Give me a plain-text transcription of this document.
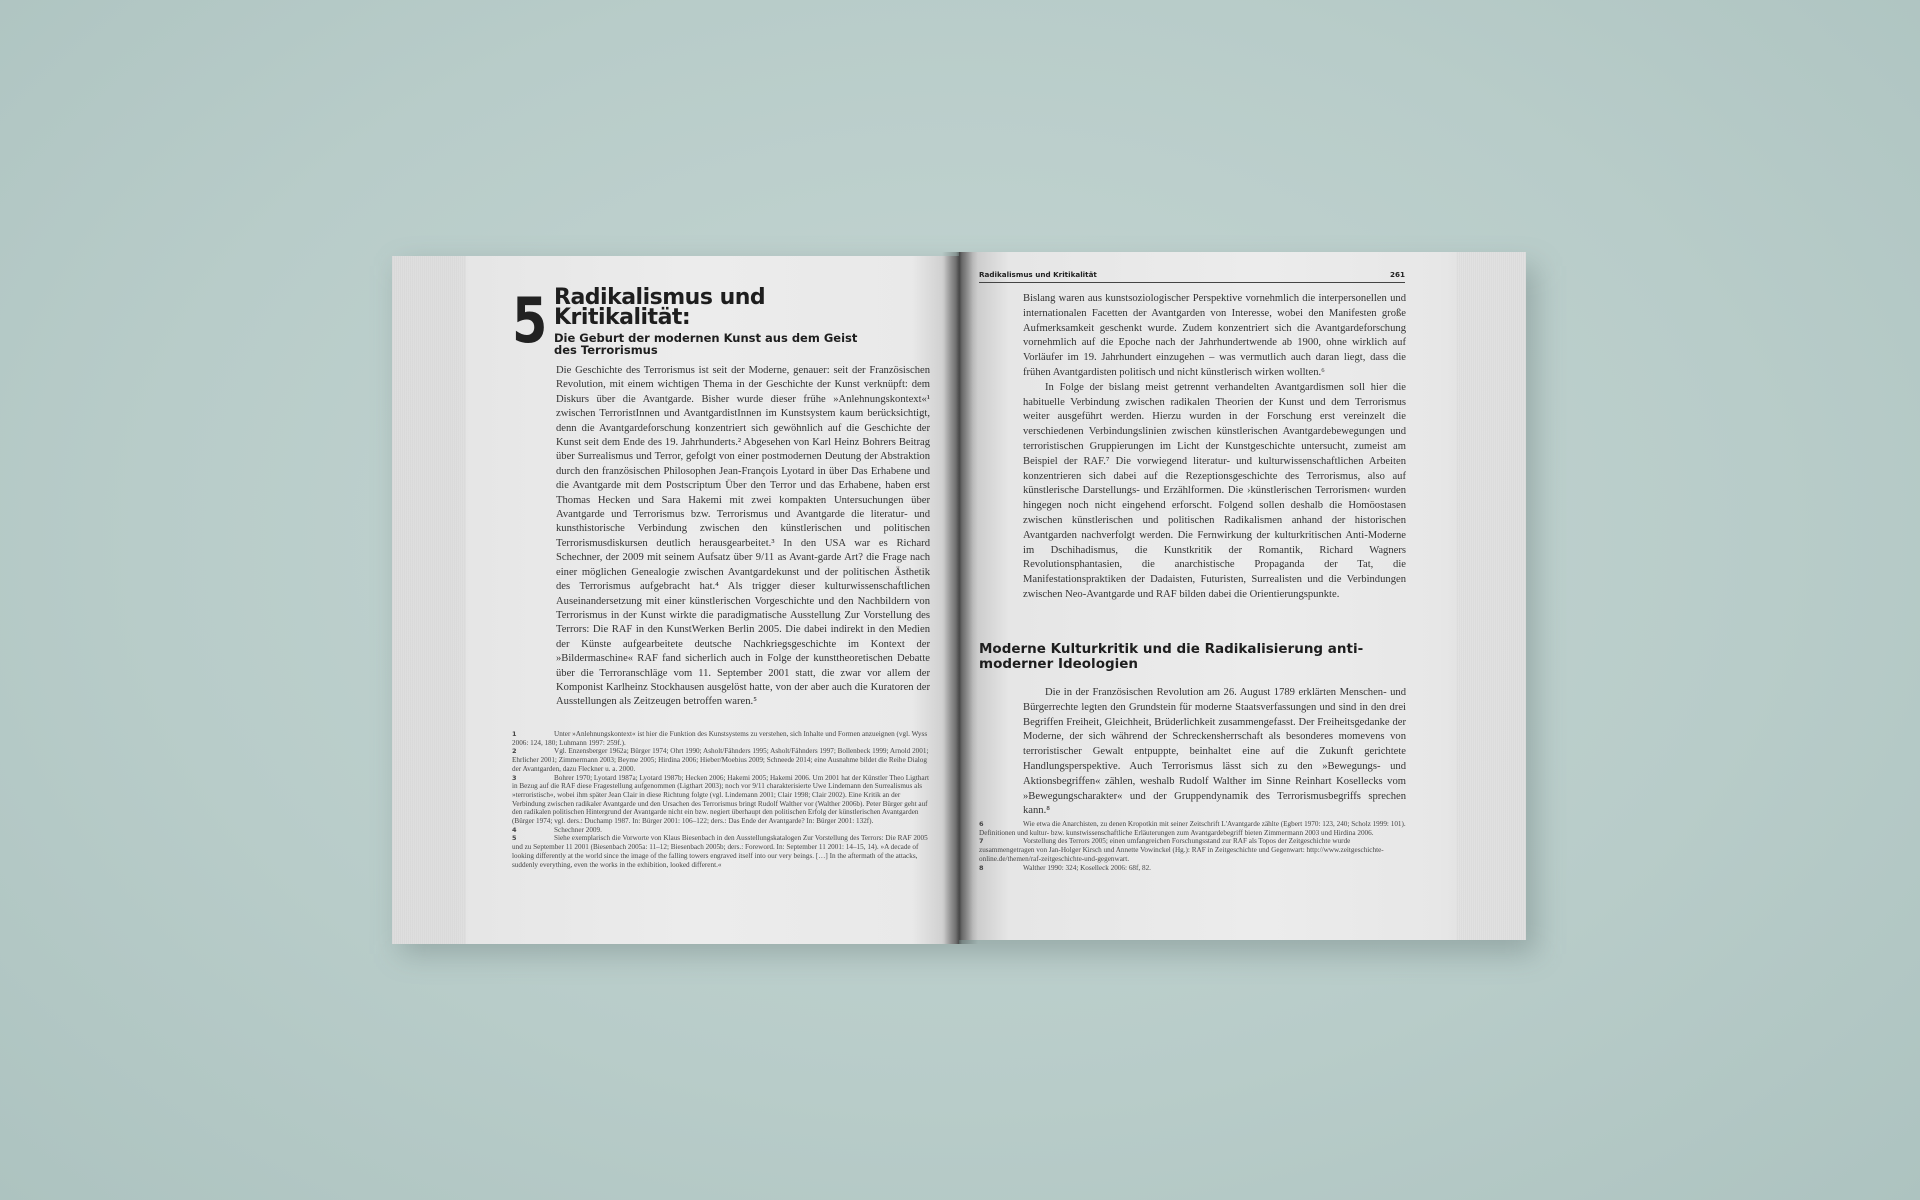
5 Radikalismus und Kritikalität:
Die Geburt der modernen Kunst aus dem Geist des Terrorismus

Die Geschichte des Terrorismus ist seit der Moderne, genauer: seit der Französischen Revolution, mit einem wichtigen Thema in der Geschichte der Kunst verknüpft: dem Diskurs über die Avantgarde. Bisher wurde dieser frühe »Anlehnungskontext«¹ zwischen TerroristInnen und AvantgardistInnen im Kunstsystem kaum berücksichtigt, denn die Avantgardeforschung konzentriert sich gewöhnlich auf die Geschichte der Kunst seit dem Ende des 19. Jahrhunderts.² Abgesehen von Karl Heinz Bohrers Beitrag über Surrealismus und Terror, gefolgt von einer postmodernen Deutung der Abstraktion durch den französischen Philosophen Jean-François Lyotard in über Das Erhabene und die Avantgarde mit dem Postscriptum Über den Terror und das Erhabene, haben erst Thomas Hecken und Sara Hakemi mit zwei kompakten Untersuchungen über Avantgarde und Terrorismus bzw. Terrorismus und Avantgarde die literatur- und kunsthistorische Verbindung zwischen den künstlerischen und politischen Terrorismusdiskursen deutlich herausgearbeitet.³ In den USA war es Richard Schechner, der 2009 mit seinem Aufsatz über 9/11 as Avant-garde Art? die Frage nach einer möglichen Genealogie zwischen Avantgardekunst und der politischen Ästhetik des Terrorismus aufgebracht hat.⁴ Als trigger dieser kulturwissenschaftlichen Auseinandersetzung mit einer künstlerischen Vorgeschichte und den Nachbildern von Terrorismus in der Kunst wirkte die paradigmatische Ausstellung Zur Vorstellung des Terrors: Die RAF in den KunstWerken Berlin 2005. Die dabei indirekt in den Medien der Künste aufgearbeitete deutsche Nachkriegsgeschichte im Kontext der »Bildermaschine« RAF fand sicherlich auch in Folge der kunsttheoretischen Debatte über die Terroranschläge vom 11. September 2001 statt, die zwar vor allem der Komponist Karlheinz Stockhausen ausgelöst hatte, von der aber auch die Kuratoren der Ausstellungen als Zeitzeugen betroffen waren.⁵

1	Unter »Anlehnungskontext« ist hier die Funktion des Kunstsystems zu verstehen, sich Inhalte und Formen anzueignen (vgl. Wyss 2006: 124, 180; Luhmann 1997: 259f.).
2	Vgl. Enzensberger 1962a; Bürger 1974; Ohrt 1990; Asholt/Fähnders 1995; Asholt/Fähnders 1997; Bollenbeck 1999; Arnold 2001; Ehrlicher 2001; Zimmermann 2003; Beyme 2005; Hirdina 2006; Hieber/Moebius 2009; Schneede 2014; eine Ausnahme bildet die Reihe Dialog der Avantgarden, dazu Fleckner u. a. 2000.
3	Bohrer 1970; Lyotard 1987a; Lyotard 1987b; Hecken 2006; Hakemi 2005; Hakemi 2006. Um 2001 hat der Künstler Theo Ligthart in Bezug auf die RAF diese Fragestellung aufgenommen (Ligthart 2003); noch vor 9/11 charakterisierte Uwe Lindemann den Surrealismus als »terroristisch«, wobei ihm später Jean Clair in diese Richtung folgte (vgl. Lindemann 2001; Clair 1998; Clair 2002). Eine Kritik an der Verbindung zwischen radikaler Avantgarde und den Ursachen des Terrorismus bringt Rudolf Walther vor (Walther 2006b). Peter Bürger geht auf den radikalen politischen Hintergrund der Avantgarde nicht ein bzw. negiert überhaupt den politischen Erfolg der künstlerischen Avantgarden (Bürger 1974; vgl. ders.: Duchamp 1987. In: Bürger 2001: 106–122; ders.: Das Ende der Avantgarde? In: Bürger 2001: 132f).
4	Schechner 2009.
5	Siehe exemplarisch die Vorworte von Klaus Biesenbach in den Ausstellungskatalogen Zur Vorstellung des Terrors: Die RAF 2005 und zu September 11 2001 (Biesenbach 2005a: 11–12; Biesenbach 2005b; ders.: Foreword. In: September 11 2001: 14–15, 14). »A decade of looking differently at the world since the image of the falling towers engraved itself into our very beings. […] In the aftermath of the attacks, suddenly everything, even the works in the exhibition, looked different.«
Radikalismus und Kritikalität	261

Bislang waren aus kunstsoziologischer Perspektive vornehmlich die interpersonellen und internationalen Facetten der Avantgarden von Interesse, wobei den Manifesten große Aufmerksamkeit geschenkt wurde. Zudem konzentriert sich die Avantgardeforschung vornehmlich auf die Epoche nach der Jahrhundertwende ab 1900, ohne wirklich auf Vorläufer im 19. Jahrhundert einzugehen – was vermutlich auch daran liegt, dass die frühen Avantgardisten politisch und nicht künstlerisch wirken wollten.⁶

In Folge der bislang meist getrennt verhandelten Avantgardismen soll hier die habituelle Verbindung zwischen radikalen Theorien der Kunst und dem Terrorismus weiter ausgeführt werden. Hierzu wurden in der Forschung erst vereinzelt die verschiedenen Verbindungslinien zwischen künstlerischen Avantgardebewegungen und terroristischen Gruppierungen im Licht der Kunstgeschichte untersucht, zumeist am Beispiel der RAF.⁷ Die vorwiegend literatur- und kulturwissenschaftlichen Arbeiten konzentrieren sich dabei auf die Rezeptionsgeschichte des Terrorismus, also auf künstlerische Darstellungs- und Erzählformen. Die ›künstlerischen Terrorismen‹ wurden hingegen noch nicht eingehend erforscht. Folgend sollen deshalb die Homöostasen zwischen künstlerischen und politischen Radikalismen anhand der historischen Avantgarden nachverfolgt werden. Die Fernwirkung der kulturkritischen Anti-Moderne im Dschihadismus, die Kunstkritik der Romantik, Richard Wagners Revolutionsphantasien, die anarchistische Propaganda der Tat, die Manifestationspraktiken der Dadaisten, Futuristen, Surrealisten und die Verbindungen zwischen Neo-Avantgarde und RAF bilden dabei die Orientierungspunkte.

Moderne Kulturkritik und die Radikalisierung anti-moderner Ideologien
Die in der Französischen Revolution am 26. August 1789 erklärten Menschen- und Bürgerrechte legten den Grundstein für moderne Staatsverfassungen und sind in den drei Begriffen Freiheit, Gleichheit, Brüderlichkeit zusammengefasst. Der Freiheitsgedanke der Moderne, der sich während der Schreckensherrschaft als besonderes momevens von terroristischer Gewalt entpuppte, beinhaltet eine auf die Zukunft gerichtete Handlungsperspektive. Auch Terrorismus lässt sich zu den »Bewegungs- und Aktionsbegriffen« zählen, weshalb Rudolf Walther im Sinne Reinhart Kosellecks vom »Bewegungscharakter« und der Gruppendynamik des Terrorismusbegriffs sprechen kann.⁸
6	Wie etwa die Anarchisten, zu denen Kropotkin mit seiner Zeitschrift L'Avantgarde zählte (Egbert 1970: 123, 240; Scholz 1999: 101). Definitionen und kultur- bzw. kunstwissenschaftliche Erläuterungen zum Avantgardebegriff bieten Zimmermann 2003 und Hirdina 2006.
7	Vorstellung des Terrors 2005; einen umfangreichen Forschungsstand zur RAF als Topos der Zeitgeschichte wurde zusammengetragen von Jan-Holger Kirsch und Annette Vowinckel (Hg.): RAF in Zeitgeschichte und Gegenwart: http://www.zeitgeschichte-online.de/themen/raf-zeitgeschichte-und-gegenwart.
8	Walther 1990: 324; Koselleck 2006: 68f, 82.
